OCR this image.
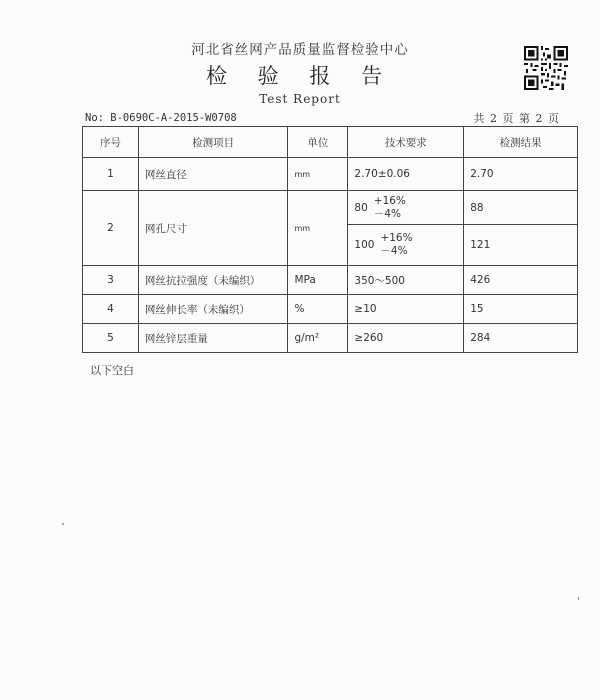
河北省丝网产品质量监督检验中心
检 验 报 告
Test Report
No: B-0690C-A-2015-W0708	共 2 页 第 2 页
序号	检测项目	单位	技术要求	检测结果
1	网丝直径	mm	2.70±0.06	2.70
2	网孔尺寸	mm	80
+16%
－4%	88

			100
+16%
－4%	121
3	网丝抗拉强度（未编织）	MPa	350～500	426
4	网丝伸长率（未编织）	%	≥10	15
5	网丝锌层重量	g/m²	≥260	284
以下空白
